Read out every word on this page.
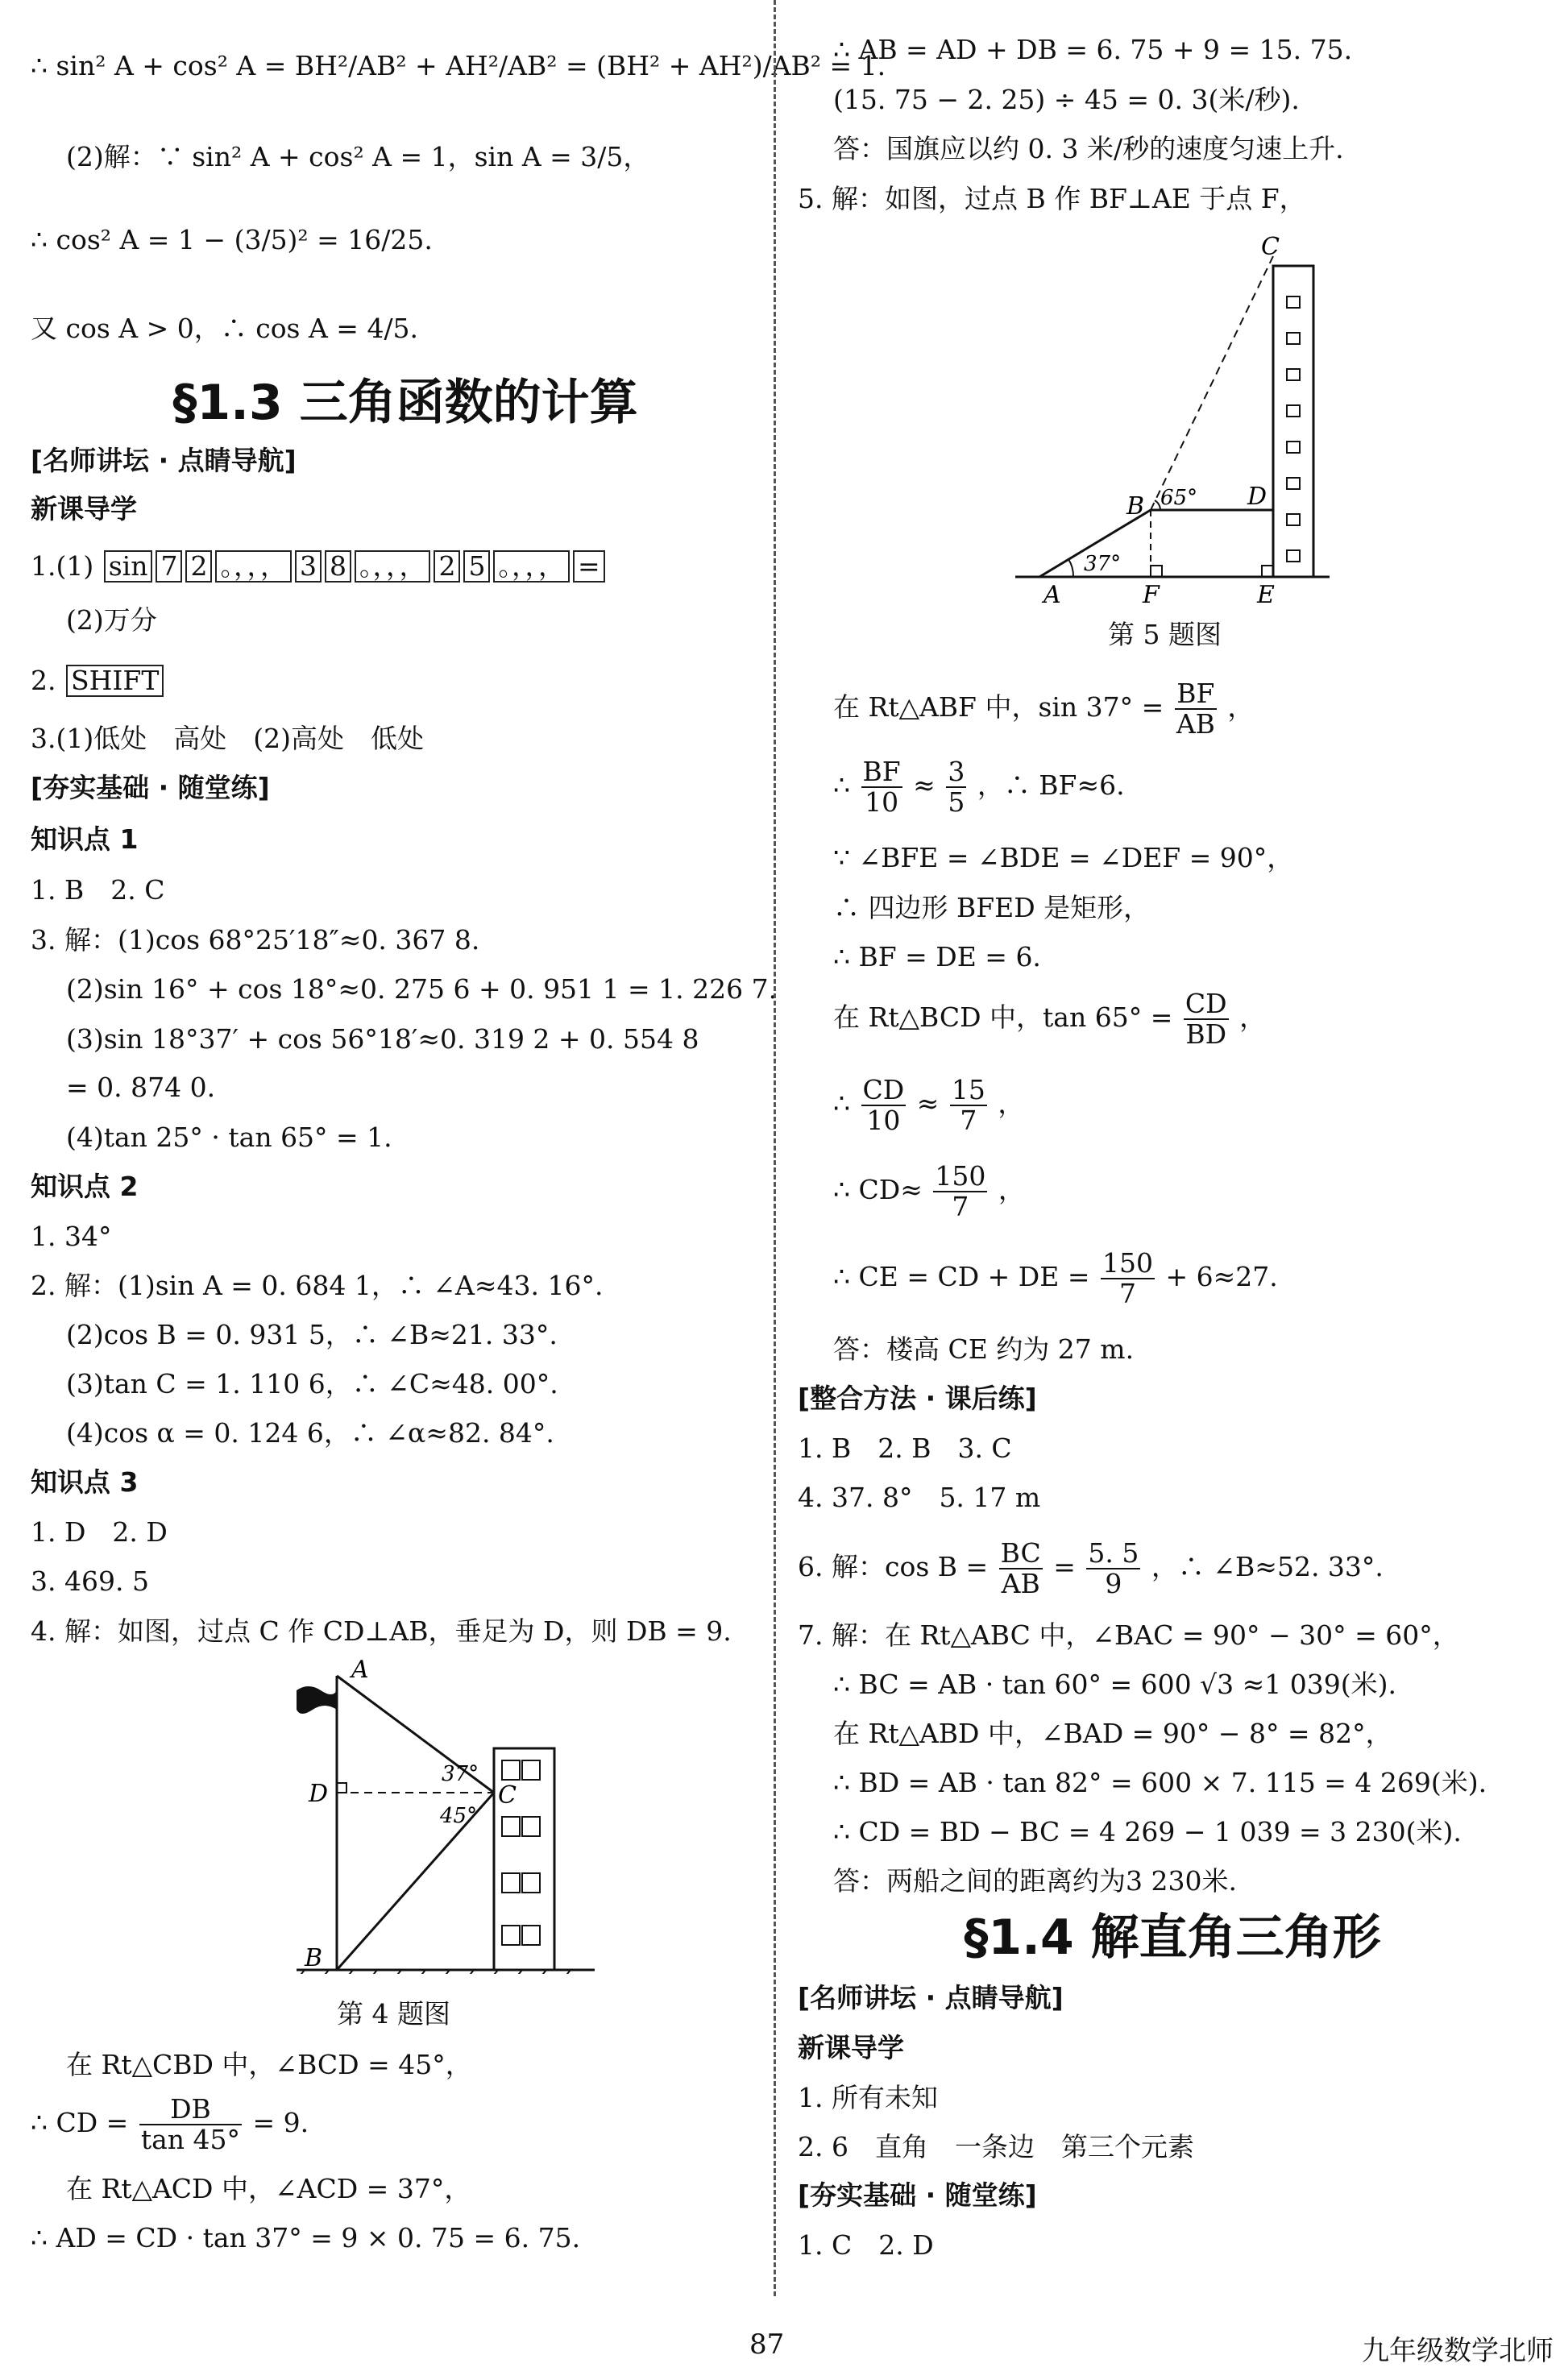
∴ sin² A + cos² A = BH²/AB² + AH²/AB² = (BH² + AH²)/AB² = 1.
(2)解：∵ sin² A + cos² A = 1，sin A = 3/5，
∴ cos² A = 1 − (3/5)² = 16/25.
又 cos A > 0，∴ cos A = 4/5.
§1.3 三角函数的计算
[名师讲坛 · 点睛导航]
新课导学
1.(1) sin 7 2 。，，， 3 8 。，，， 2 5 。，，， =
(2)万分
2. SHIFT
3.(1)低处　高处　(2)高处　低处
[夯实基础 · 随堂练]
知识点 1
1. B　2. C
3. 解：(1)cos 68°25′18″≈0. 367 8.
(2)sin 16° + cos 18°≈0. 275 6 + 0. 951 1 = 1. 226 7.
(3)sin 18°37′ + cos 56°18′≈0. 319 2 + 0. 554 8
= 0. 874 0.
(4)tan 25° · tan 65° = 1.
知识点 2
1. 34°
2. 解：(1)sin A = 0. 684 1，∴ ∠A≈43. 16°.
(2)cos B = 0. 931 5，∴ ∠B≈21. 33°.
(3)tan C = 1. 110 6，∴ ∠C≈48. 00°.
(4)cos α = 0. 124 6，∴ ∠α≈82. 84°.
知识点 3
1. D　2. D
3. 469. 5
4. 解：如图，过点 C 作 CD⊥AB，垂足为 D，则 DB = 9.
A
D
B
C
37°
45°
第 4 题图
在 Rt△CBD 中，∠BCD = 45°，
∴ CD = $\frac{DB}{\tan 45^\circ} = 9$.
在 Rt△ACD 中，∠ACD = 37°，
∴ AD = CD · tan 37° = 9 × 0. 75 = 6. 75.
∴ AB = AD + DB = 6. 75 + 9 = 15. 75.
(15. 75 − 2. 25) ÷ 45 = 0. 3(米/秒).
答：国旗应以约 0. 3 米/秒的速度匀速上升.
5. 解：如图，过点 B 作 BF⊥AE 于点 F，
C
B 65° D
37°
A	F	E
第 5 题图
在 Rt△ABF 中，$\sin 37^\circ = \frac{BF}{AB}$ ，
∴ $\frac{BF}{10} \approx \frac{3}{5}$ ，∴ BF≈6.
∵ ∠BFE = ∠BDE = ∠DEF = 90°，
∴ 四边形 BFED 是矩形，
∴ BF = DE = 6.
在 Rt△BCD 中，$\tan 65^\circ = \frac{CD}{BD}$ ，
∴ $\frac{CD}{10} \approx \frac{15}{7}$ ，
∴ $CD\approx \frac{150}{7}$ ，
∴ CE = CD + DE = $\frac{150}{7} + 6\approx 27$.
答：楼高 CE 约为 27 m.
[整合方法 · 课后练]
1. B　2. B　3. C
4. 37. 8°　5. 17 m
6. 解：$\cos B = \frac{BC}{AB} = \frac{5. 5}{9}$ ，∴ ∠B≈52. 33°.
7. 解：在 Rt△ABC 中，∠BAC = 90° − 30° = 60°，
∴ BC = AB · tan 60° = 600 √3 ≈1 039(米).
在 Rt△ABD 中，∠BAD = 90° − 8° = 82°，
∴ BD = AB · tan 82° = 600 × 7. 115 = 4 269(米).
∴ CD = BD − BC = 4 269 − 1 039 = 3 230(米).
答：两船之间的距离约为3 230米.
§1.4 解直角三角形
[名师讲坛 · 点睛导航]
新课导学
1. 所有未知
2. 6　直角　一条边　第三个元素
[夯实基础 · 随堂练]
1. C　2. D
87	九年级数学北师
